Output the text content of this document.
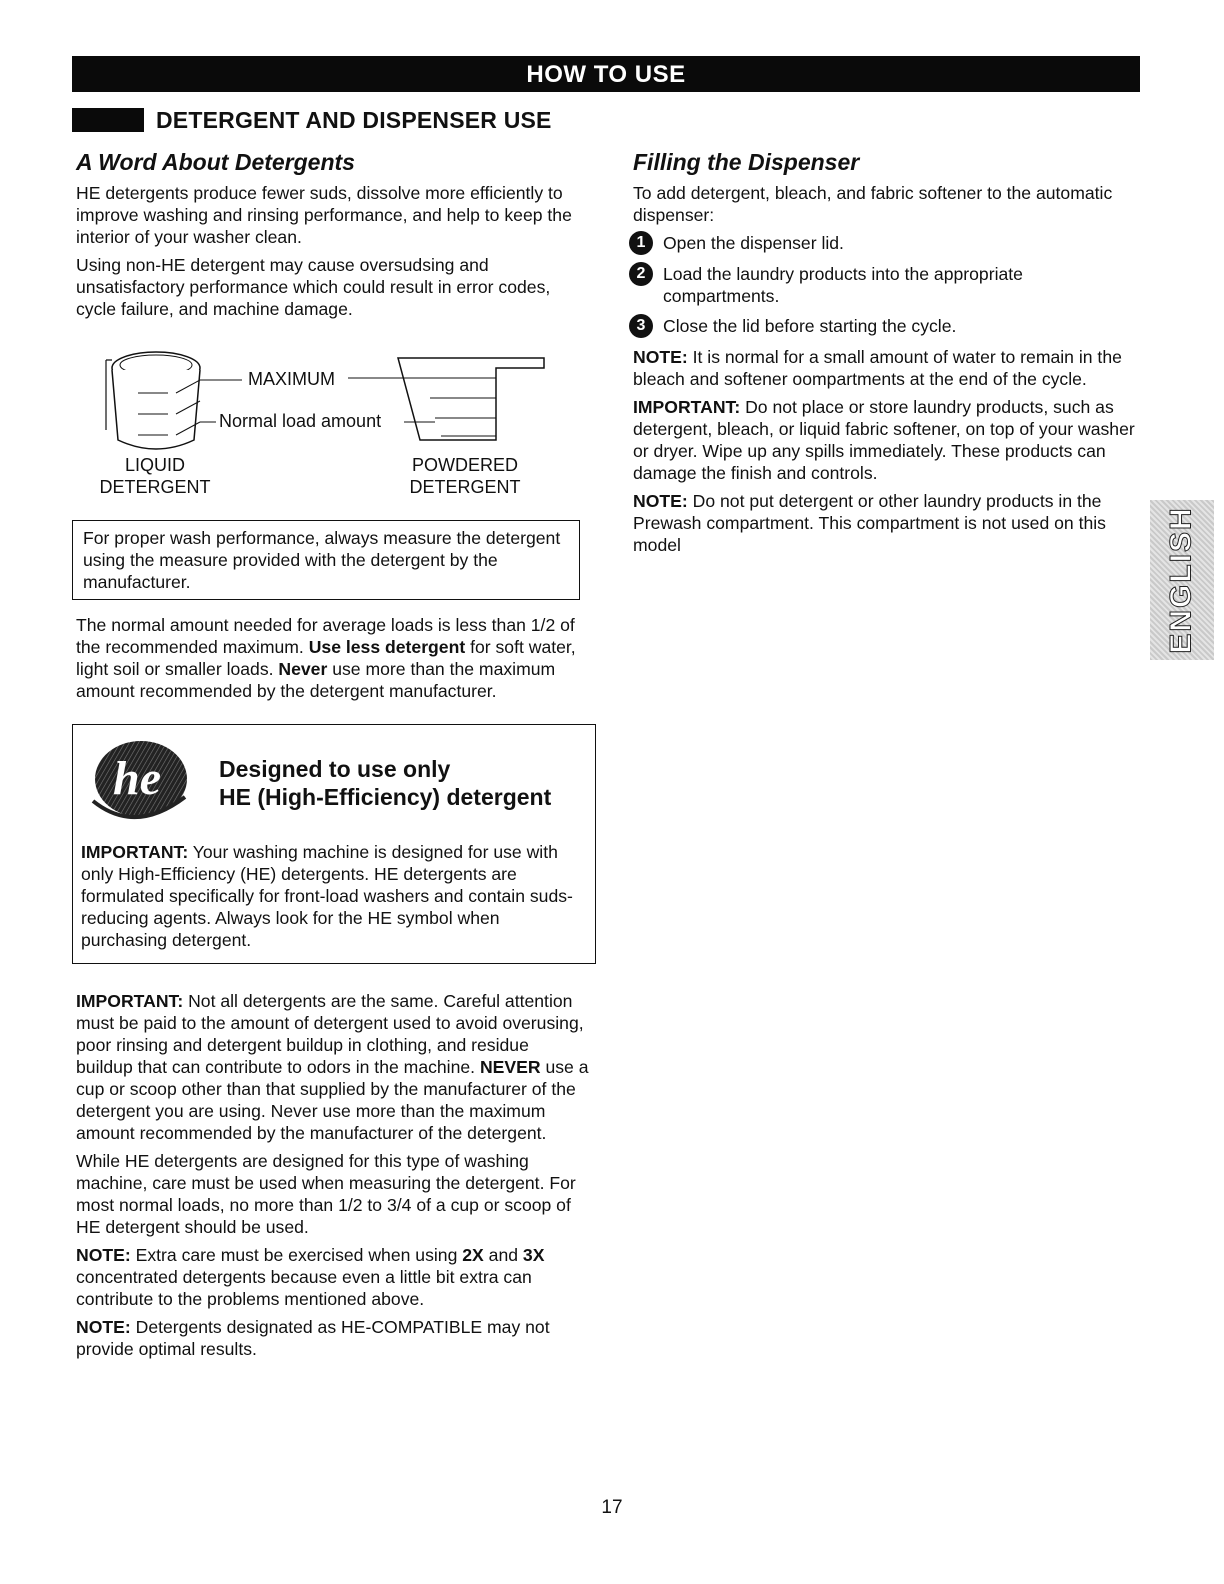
HOW TO USE
DETERGENT AND DISPENSER USE
A Word About Detergents

HE detergents produce fewer suds, dissolve more efficiently to improve washing and rinsing performance, and help to keep the interior of your washer clean.

Using non-HE detergent may cause oversudsing and unsatisfactory performance which could result in error codes, cycle failure, and machine damage.

MAXIMUM
Normal load amount
LIQUID
DETERGENT
POWDERED
DETERGENT
For proper wash performance, always measure the detergent using the measure provided with the detergent by the manufacturer.

The normal amount needed for average loads is less than 1/2 of the recommended maximum. Use less detergent for soft water, light soil or smaller loads. Never use more than the maximum amount recommended by the detergent manufacturer.

he	Designed to use only
HE (High-Efficiency) detergent

IMPORTANT: Your washing machine is designed for use with only High-Efficiency (HE) detergents. HE detergents are formulated specifically for front-load washers and contain suds-reducing agents. Always look for the HE symbol when purchasing detergent.

IMPORTANT: Not all detergents are the same. Careful attention must be paid to the amount of detergent used to avoid overusing, poor rinsing and detergent buildup in clothing, and residue buildup that can contribute to odors in the machine. NEVER use a cup or scoop other than that supplied by the manufacturer of the detergent you are using. Never use more than the maximum amount recommended by the manufacturer of the detergent.

While HE detergents are designed for this type of washing machine, care must be used when measuring the detergent. For most normal loads, no more than 1/2 to 3/4 of a cup or scoop of HE detergent should be used.

NOTE: Extra care must be exercised when using 2X and 3X concentrated detergents because even a little bit extra can contribute to the problems mentioned above.

NOTE: Detergents designated as HE-COMPATIBLE may not provide optimal results.

Filling the Dispenser

To add detergent, bleach, and fabric softener to the automatic dispenser:

1 Open the dispenser lid.
2 Load the laundry products into the appropriate compartments.
3 Close the lid before starting the cycle.

NOTE: It is normal for a small amount of water to remain in the bleach and softener oompartments at the end of the cycle.

IMPORTANT: Do not place or store laundry products, such as detergent, bleach, or liquid fabric softener, on top of your washer or dryer. Wipe up any spills immediately. These products can damage the finish and controls.

NOTE: Do not put detergent or other laundry products in the Prewash compartment. This compartment is not used on this model	ENGLISH
17
